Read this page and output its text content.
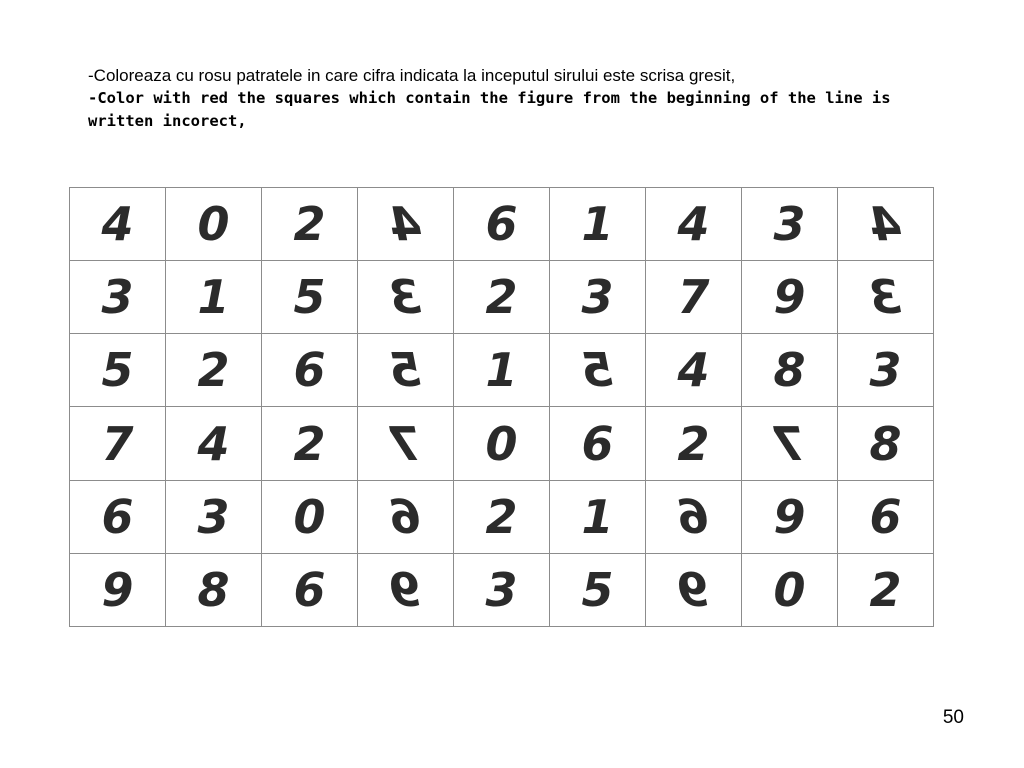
-Coloreaza cu rosu patratele in care cifra indicata la inceputul sirului este scrisa gresit,
-Color with red the squares which contain the figure from the beginning of the line is written incorect,
4 0 2 4 6 1 4 3 4
3 1 5 3 2 3 7 9 3
5 2 6 5 1 5 4 8 3
7 4 2 7 0 6 2 7 8
6 3 0 6 2 1 6 9 6
9 8 6 9 3 5 9 0 2
50
